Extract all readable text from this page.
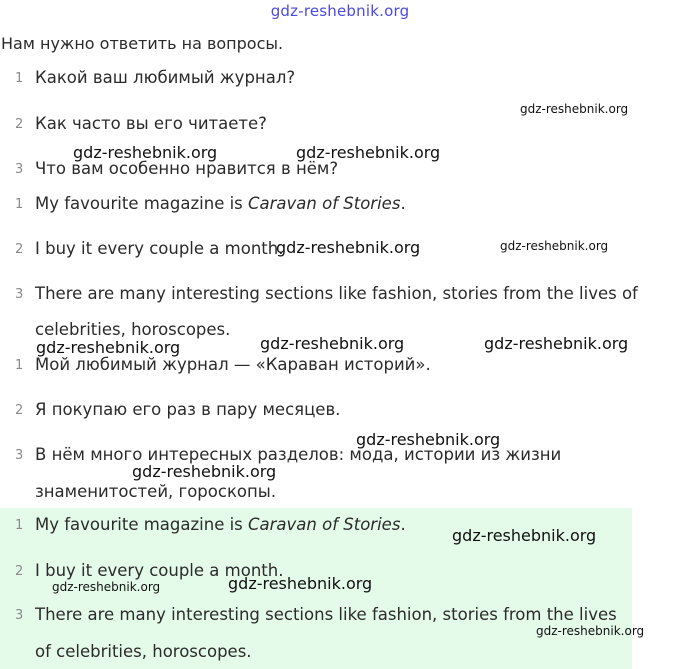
gdz-reshebnik.org
Нам нужно ответить на вопросы.
1 Какой ваш любимый журнал?
2 Как часто вы его читаете?
3 Что вам особенно нравится в нём?
1 My favourite magazine is Caravan of Stories.
2 I buy it every couple a month.
3 There are many interesting sections like fashion, stories from the lives of
celebrities, horoscopes.
1 Мой любимый журнал — «Караван историй».
2 Я покупаю его раз в пару месяцев.
3 В нём много интересных разделов: мода, истории из жизни
знаменитостей, гороскопы.
1 My favourite magazine is Caravan of Stories.
2 I buy it every couple a month.
3 There are many interesting sections like fashion, stories from the lives
of celebrities, horoscopes.
gdz-reshebnik.org
gdz-reshebnik.org	gdz-reshebnik.org
gdz-reshebnik.org	gdz-reshebnik.org
gdz-reshebnik.org	gdz-reshebnik.org	gdz-reshebnik.org
gdz-reshebnik.org
gdz-reshebnik.org
gdz-reshebnik.org
gdz-reshebnik.org	gdz-reshebnik.org
gdz-reshebnik.org
